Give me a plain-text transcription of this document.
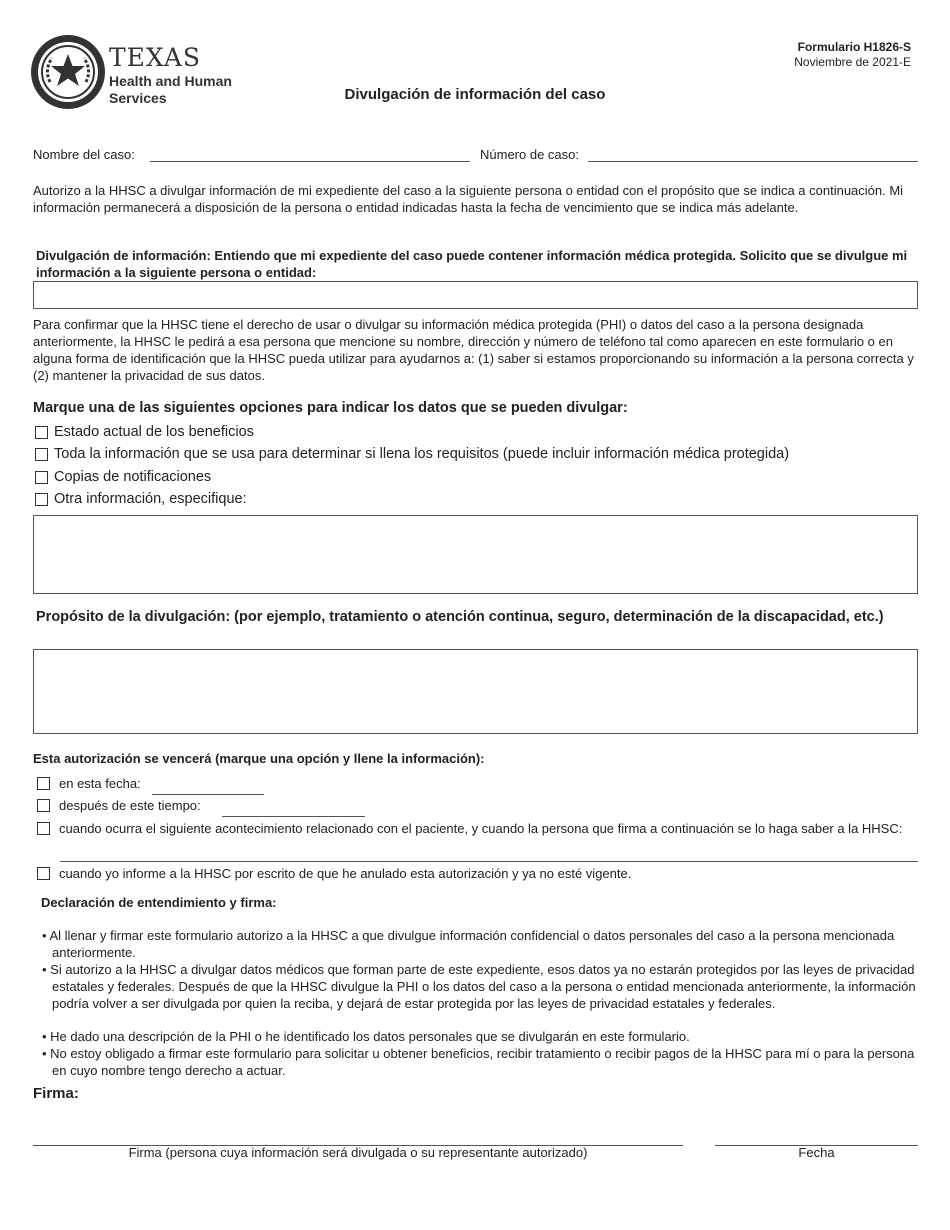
TEXAS
Health and Human
Services
Formulario H1826-S
Noviembre de 2021-E
Divulgación de información del caso
Nombre del caso:	Número de caso:
Autorizo a la HHSC a divulgar información de mi expediente del caso a la siguiente persona o entidad con el propósito que se indica a continuación. Mi información permanecerá a disposición de la persona o entidad indicadas hasta la fecha de vencimiento que se indica más adelante.
Divulgación de información: Entiendo que mi expediente del caso puede contener información médica protegida. Solicito que se divulgue mi información a la siguiente persona o entidad:
Para confirmar que la HHSC tiene el derecho de usar o divulgar su información médica protegida (PHI) o datos del caso a la persona designada anteriormente, la HHSC le pedirá a esa persona que mencione su nombre, dirección y número de teléfono tal como aparecen en este formulario o en alguna forma de identificación que la HHSC pueda utilizar para ayudarnos a: (1) saber si estamos proporcionando su información a la persona correcta y (2) mantener la privacidad de sus datos.
Marque una de las siguientes opciones para indicar los datos que se pueden divulgar:
Estado actual de los beneficios
Toda la información que se usa para determinar si llena los requisitos (puede incluir información médica protegida)
Copias de notificaciones
Otra información, especifique:
Propósito de la divulgación: (por ejemplo, tratamiento o atención continua, seguro, determinación de la discapacidad, etc.)
Esta autorización se vencerá (marque una opción y llene la información):
en esta fecha:
después de este tiempo:
cuando ocurra el siguiente acontecimiento relacionado con el paciente, y cuando la persona que firma a continuación se lo haga saber a la HHSC:
cuando yo informe a la HHSC por escrito de que he anulado esta autorización y ya no esté vigente.
Declaración de entendimiento y firma:
• Al llenar y firmar este formulario autorizo a la HHSC a que divulgue información confidencial o datos personales del caso a la persona mencionada anteriormente.
• Si autorizo a la HHSC a divulgar datos médicos que forman parte de este expediente, esos datos ya no estarán protegidos por las leyes de privacidad estatales y federales. Después de que la HHSC divulgue la PHI o los datos del caso a la persona o entidad mencionada anteriormente, la información podría volver a ser divulgada por quien la reciba, y dejará de estar protegida por las leyes de privacidad estatales y federales.
• He dado una descripción de la PHI o he identificado los datos personales que se divulgarán en este formulario.
• No estoy obligado a firmar este formulario para solicitar u obtener beneficios, recibir tratamiento o recibir pagos de la HHSC para mí o para la persona en cuyo nombre tengo derecho a actuar.
Firma:
Firma (persona cuya información será divulgada o su representante autorizado)	Fecha
